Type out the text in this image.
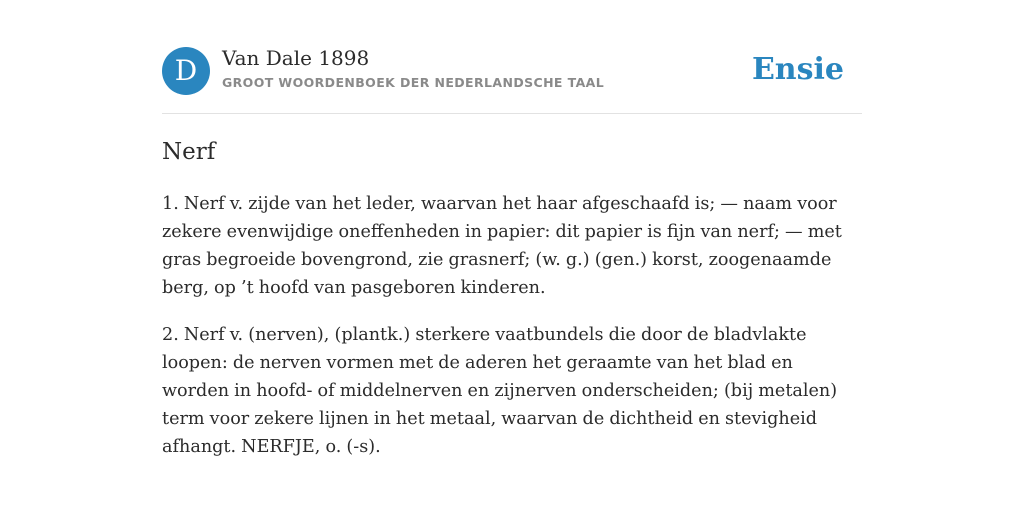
D	Van Dale 1898
GROOT WOORDENBOEK DER NEDERLANDSCHE TAAL	Ensie
Nerf

1. Nerf v. zijde van het leder, waarvan het haar afgeschaafd is; — naam voor zekere evenwijdige oneffenheden in papier: dit papier is fijn van nerf; — met gras begroeide bovengrond, zie grasnerf; (w. g.) (gen.) korst, zoogenaamde berg, op ’t hoofd van pasgeboren kinderen.

2. Nerf v. (nerven), (plantk.) sterkere vaatbundels die door de bladvlakte loopen: de nerven vormen met de aderen het geraamte van het blad en worden in hoofd- of middelnerven en zijnerven onderscheiden; (bij metalen) term voor zekere lijnen in het metaal, waarvan de dichtheid en stevigheid afhangt. NERFJE, o. (-s).
